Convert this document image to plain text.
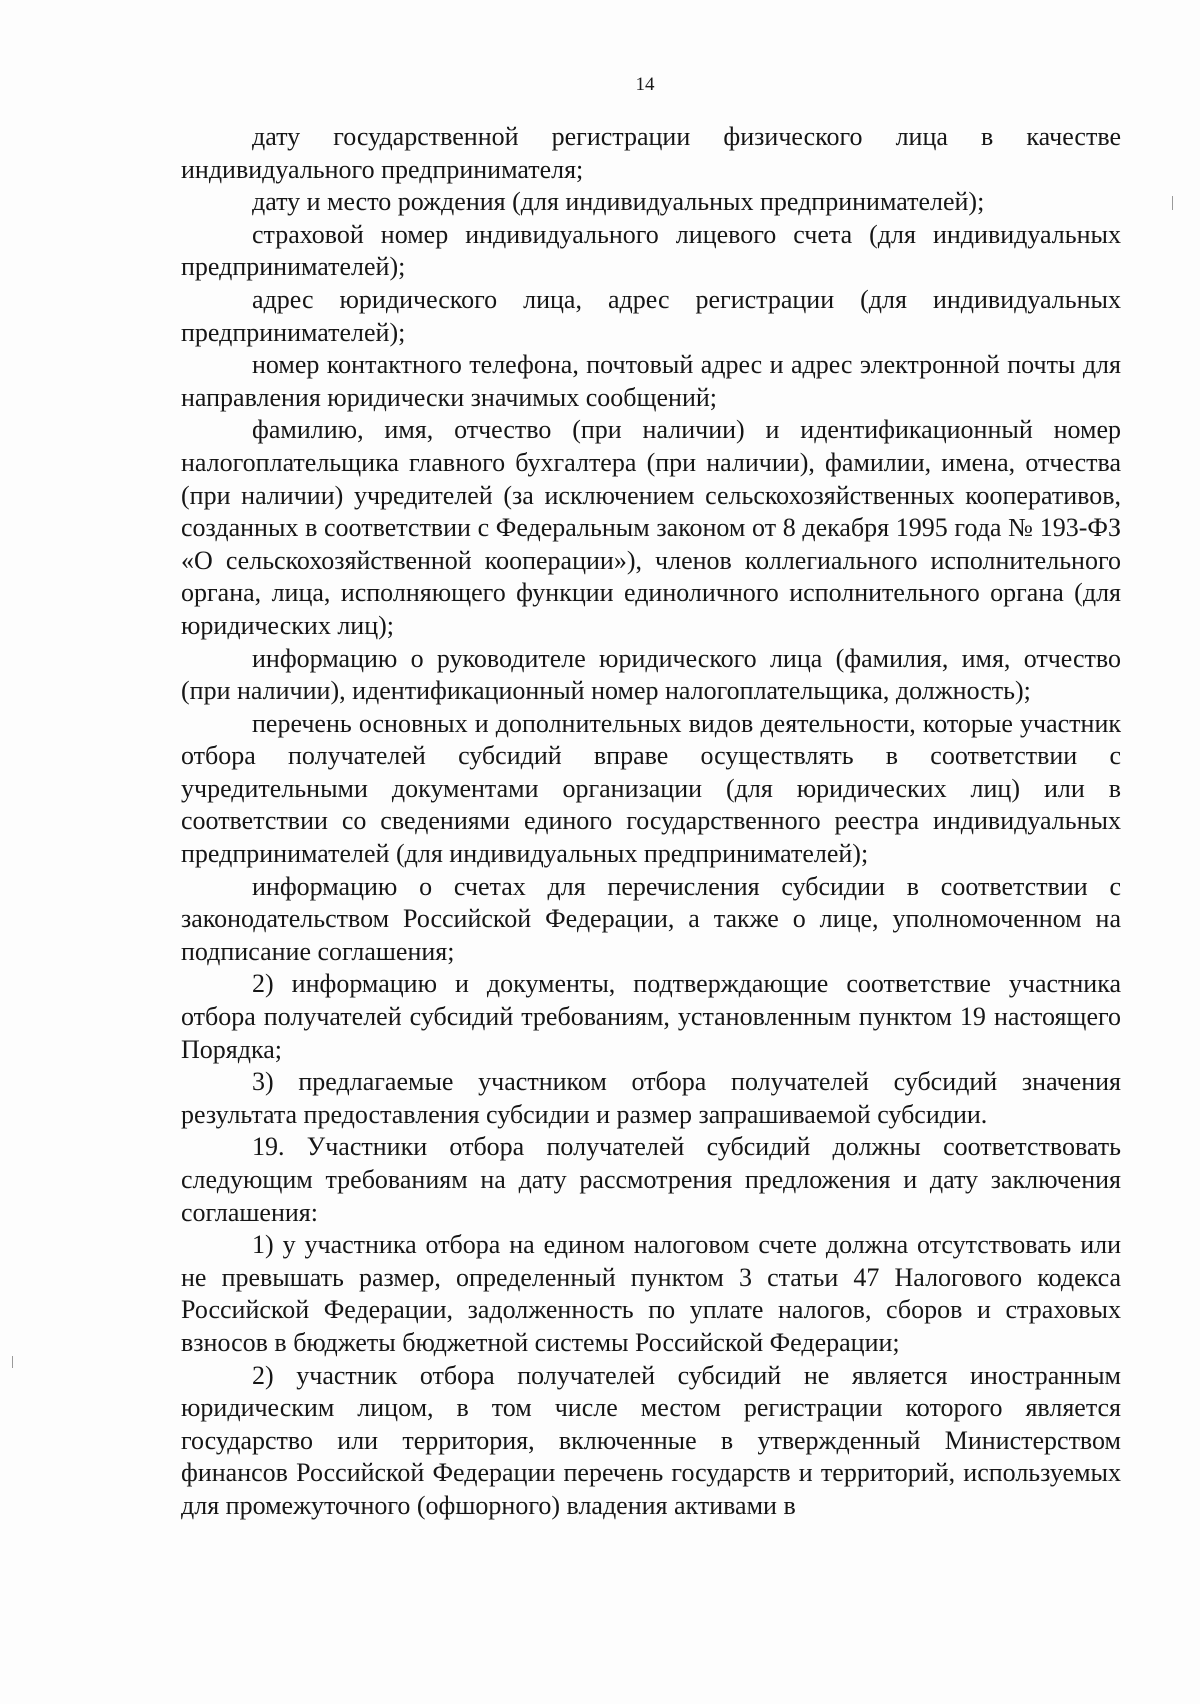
14

дату государственной регистрации физического лица в качестве индивидуального предпринимателя;

дату и место рождения (для индивидуальных предпринимателей);

страховой номер индивидуального лицевого счета (для индивидуальных предпринимателей);

адрес юридического лица, адрес регистрации (для индивидуальных предпринимателей);

номер контактного телефона, почтовый адрес и адрес электронной почты для направления юридически значимых сообщений;

фамилию, имя, отчество (при наличии) и идентификационный номер налогоплательщика главного бухгалтера (при наличии), фамилии, имена, отчества (при наличии) учредителей (за исключением сельскохозяйственных кооперативов, созданных в соответствии с Федеральным законом от 8 декабря 1995 года № 193-ФЗ «О сельскохозяйственной кооперации»), членов коллегиального исполнительного органа, лица, исполняющего функции единоличного исполнительного органа (для юридических лиц);

информацию о руководителе юридического лица (фамилия, имя, отчество (при наличии), идентификационный номер налогоплательщика, должность);

перечень основных и дополнительных видов деятельности, которые участник отбора получателей субсидий вправе осуществлять в соответствии с учредительными документами организации (для юридических лиц) или в соответствии со сведениями единого государственного реестра индивидуальных предпринимателей (для индивидуальных предпринимателей);

информацию о счетах для перечисления субсидии в соответствии с законодательством Российской Федерации, а также о лице, уполномоченном на подписание соглашения;

2) информацию и документы, подтверждающие соответствие участника отбора получателей субсидий требованиям, установленным пунктом 19 настоящего Порядка;

3) предлагаемые участником отбора получателей субсидий значения результата предоставления субсидии и размер запрашиваемой субсидии.

19. Участники отбора получателей субсидий должны соответствовать следующим требованиям на дату рассмотрения предложения и дату заключения соглашения:

1) у участника отбора на едином налоговом счете должна отсутствовать или не превышать размер, определенный пунктом 3 статьи 47 Налогового кодекса Российской Федерации, задолженность по уплате налогов, сборов и страховых взносов в бюджеты бюджетной системы Российской Федерации;

2) участник отбора получателей субсидий не является иностранным юридическим лицом, в том числе местом регистрации которого является государство или территория, включенные в утвержденный Министерством финансов Российской Федерации перечень государств и территорий, используемых для промежуточного (офшорного) владения активами в
